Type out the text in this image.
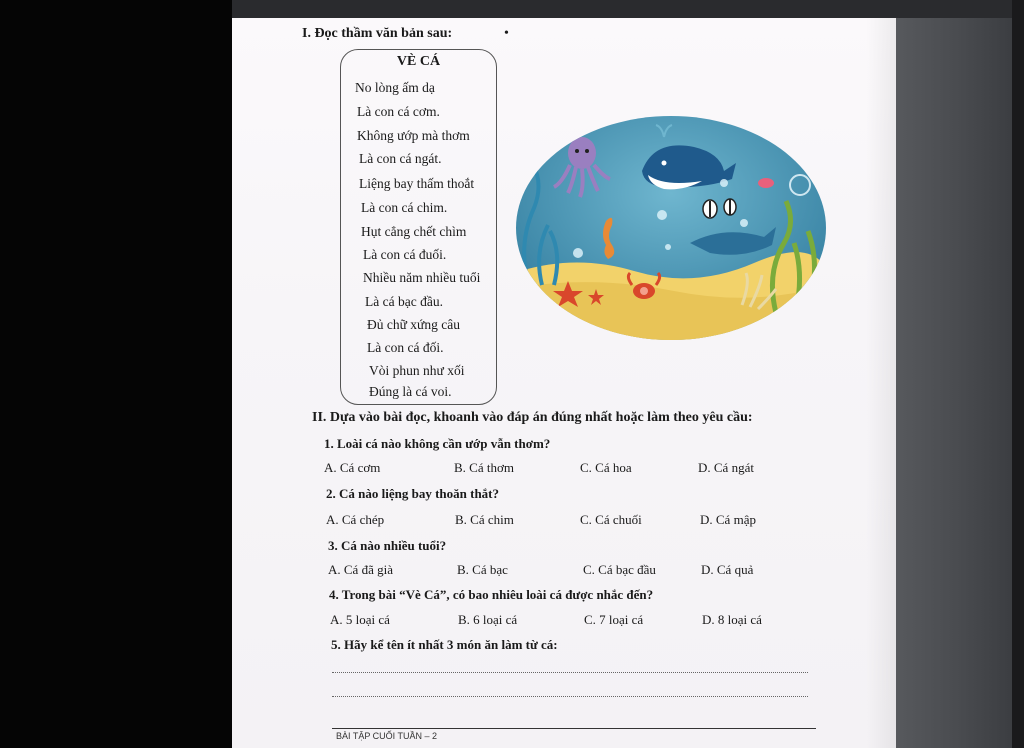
I. Đọc thầm văn bản sau:	•
VÈ CÁ
No lòng ấm dạ
Là con cá cơm.
Không ướp mà thơm
Là con cá ngát.
Liệng bay thấm thoắt
Là con cá chim.
Hụt cẳng chết chìm
Là con cá đuối.
Nhiều năm nhiều tuổi
Là cá bạc đầu.
Đủ chữ xứng câu
Là con cá đối.
Vòi phun như xối
Đúng là cá voi.
II. Dựa vào bài đọc, khoanh vào đáp án đúng nhất hoặc làm theo yêu cầu:
1. Loài cá nào không cần ướp vẫn thơm?
A. Cá cơm	B. Cá thơm	C. Cá hoa	D. Cá ngát
2. Cá nào liệng bay thoăn thắt?
A. Cá chép	B. Cá chim	C. Cá chuối	D. Cá mập
3. Cá nào nhiều tuổi?
A. Cá đã già	B. Cá bạc	C. Cá bạc đầu	D. Cá quả
4. Trong bài “Vè Cá”, có bao nhiêu loài cá được nhắc đến?
A. 5 loại cá	B. 6 loại cá	C. 7 loại cá	D. 8 loại cá
5. Hãy kể tên ít nhất 3 món ăn làm từ cá:
BÀI TẬP CUỐI TUẦN – 2
